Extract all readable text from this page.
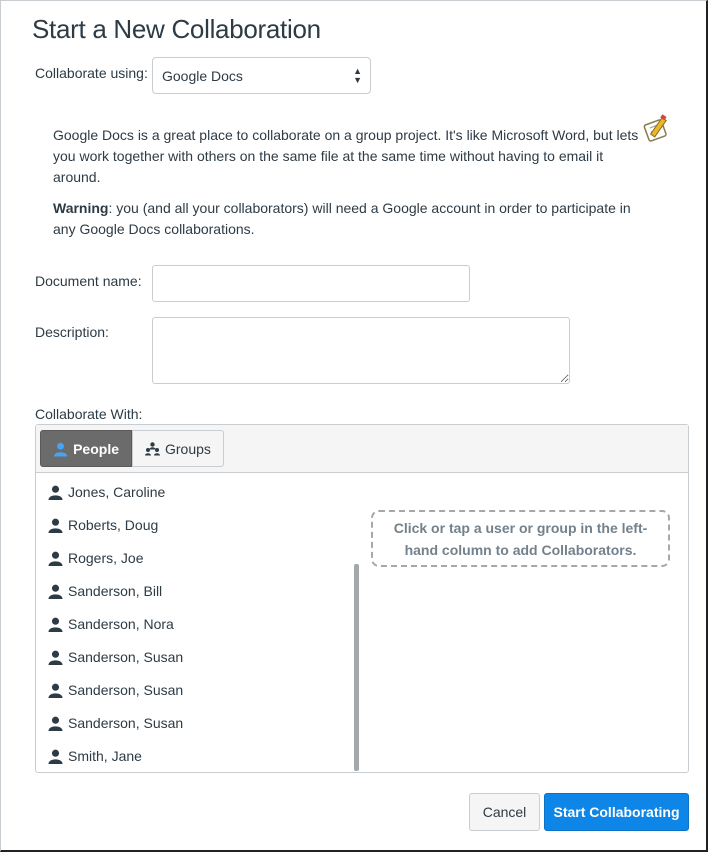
Start a New Collaboration
Collaborate using:	Google Docs	▲
▼

Google Docs is a great place to collaborate on a group project. It's like Microsoft Word, but lets you work together with others on the same file at the same time without having to email it around.

Warning: you (and all your collaborators) will need a Google account in order to participate in any Google Docs collaborations.

Document name:
Description:
Collaborate With:
People	Groups
Jones, Caroline
Roberts, Doug
Rogers, Joe
Sanderson, Bill
Sanderson, Nora
Sanderson, Susan
Sanderson, Susan
Sanderson, Susan
Smith, Jane
Click or tap a user or group in the left-hand column to add Collaborators.
Cancel	Start Collaborating
